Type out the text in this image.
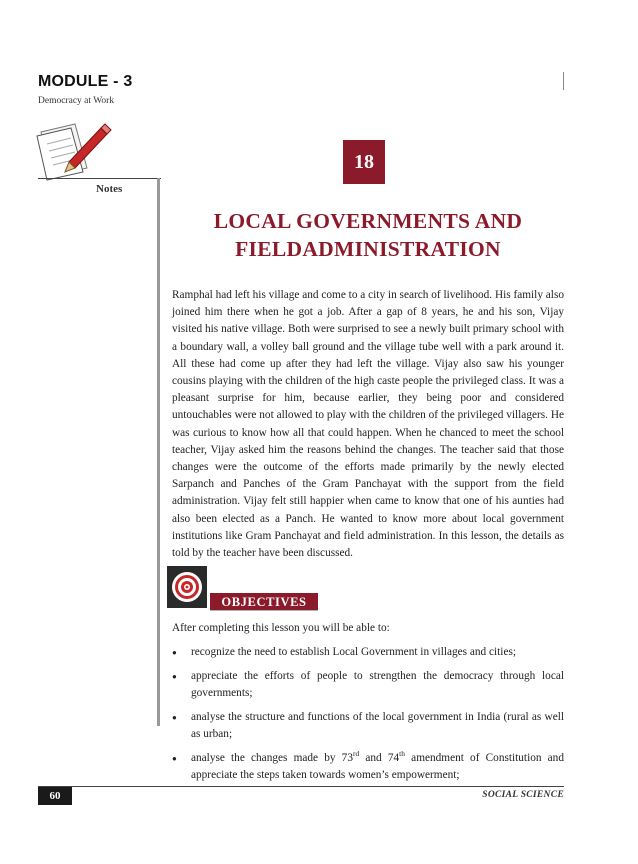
MODULE - 3
Democracy at Work
Notes
18
LOCAL GOVERNMENTS AND
FIELDADMINISTRATION

Ramphal had left his village and come to a city in search of livelihood. His family also joined him there when he got a job. After a gap of 8 years, he and his son, Vijay visited his native village. Both were surprised to see a newly built primary school with a boundary wall, a volley ball ground and the village tube well with a park around it. All these had come up after they had left the village. Vijay also saw his younger cousins playing with the children of the high caste people the privileged class. It was a pleasant surprise for him, because earlier, they being poor and considered untouchables were not allowed to play with the children of the privileged villagers. He was curious to know how all that could happen. When he chanced to meet the school teacher, Vijay asked him the reasons behind the changes. The teacher said that those changes were the outcome of the efforts made primarily by the newly elected Sarpanch and Panches of the Gram Panchayat with the support from the field administration. Vijay felt still happier when came to know that one of his aunties had also been elected as a Panch. He wanted to know more about local government institutions like Gram Panchayat and field administration. In this lesson, the details as told by the teacher have been discussed.

OBJECTIVES
After completing this lesson you will be able to:
● recognize the need to establish Local Government in villages and cities;
● appreciate the efforts of people to strengthen the democracy through local governments;
● analyse the structure and functions of the local government in India (rural as well as urban;
● analyse the changes made by 73rd and 74th amendment of Constitution and appreciate the steps taken towards women’s empowerment;
60	SOCIAL SCIENCE
